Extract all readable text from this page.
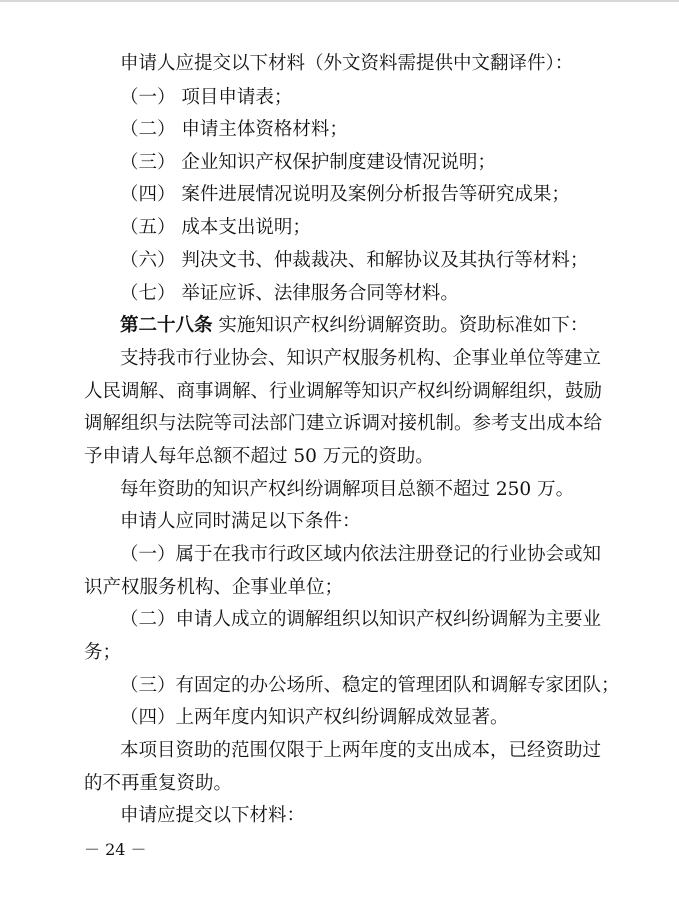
申请人应提交以下材料（外文资料需提供中文翻译件）：
（一） 项目申请表；
（二） 申请主体资格材料；
（三） 企业知识产权保护制度建设情况说明；
（四） 案件进展情况说明及案例分析报告等研究成果；
（五） 成本支出说明；
（六） 判决文书、仲裁裁决、和解协议及其执行等材料；
（七） 举证应诉、法律服务合同等材料。
第二十八条 实施知识产权纠纷调解资助。资助标准如下：
支持我市行业协会、知识产权服务机构、企事业单位等建立
人民调解、商事调解、行业调解等知识产权纠纷调解组织，鼓励
调解组织与法院等司法部门建立诉调对接机制。参考支出成本给
予申请人每年总额不超过 50 万元的资助。
每年资助的知识产权纠纷调解项目总额不超过 250 万。
申请人应同时满足以下条件：
（一）属于在我市行政区域内依法注册登记的行业协会或知
识产权服务机构、企事业单位；
（二）申请人成立的调解组织以知识产权纠纷调解为主要业
务；
（三）有固定的办公场所、稳定的管理团队和调解专家团队；
（四）上两年度内知识产权纠纷调解成效显著。
本项目资助的范围仅限于上两年度的支出成本，已经资助过
的不再重复资助。
申请应提交以下材料：
－ 24 －
